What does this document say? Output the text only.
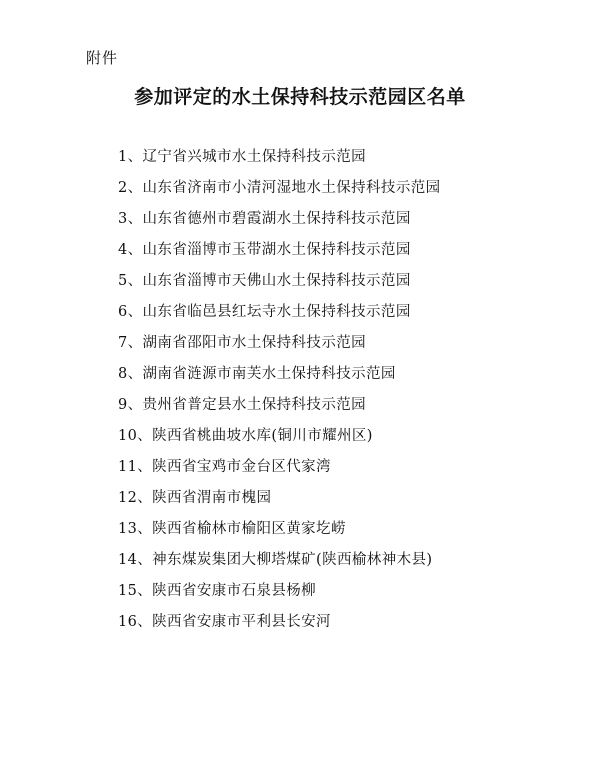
附件
参加评定的水土保持科技示范园区名单
1、辽宁省兴城市水土保持科技示范园
2、山东省济南市小清河湿地水土保持科技示范园
3、山东省德州市碧霞湖水土保持科技示范园
4、山东省淄博市玉带湖水土保持科技示范园
5、山东省淄博市天佛山水土保持科技示范园
6、山东省临邑县红坛寺水土保持科技示范园
7、湖南省邵阳市水土保持科技示范园
8、湖南省涟源市南芙水土保持科技示范园
9、贵州省普定县水土保持科技示范园
10、陕西省桃曲坡水库(铜川市耀州区)
11、陕西省宝鸡市金台区代家湾
12、陕西省渭南市槐园
13、陕西省榆林市榆阳区黄家圪崂
14、神东煤炭集团大柳塔煤矿(陕西榆林神木县)
15、陕西省安康市石泉县杨柳
16、陕西省安康市平利县长安河
